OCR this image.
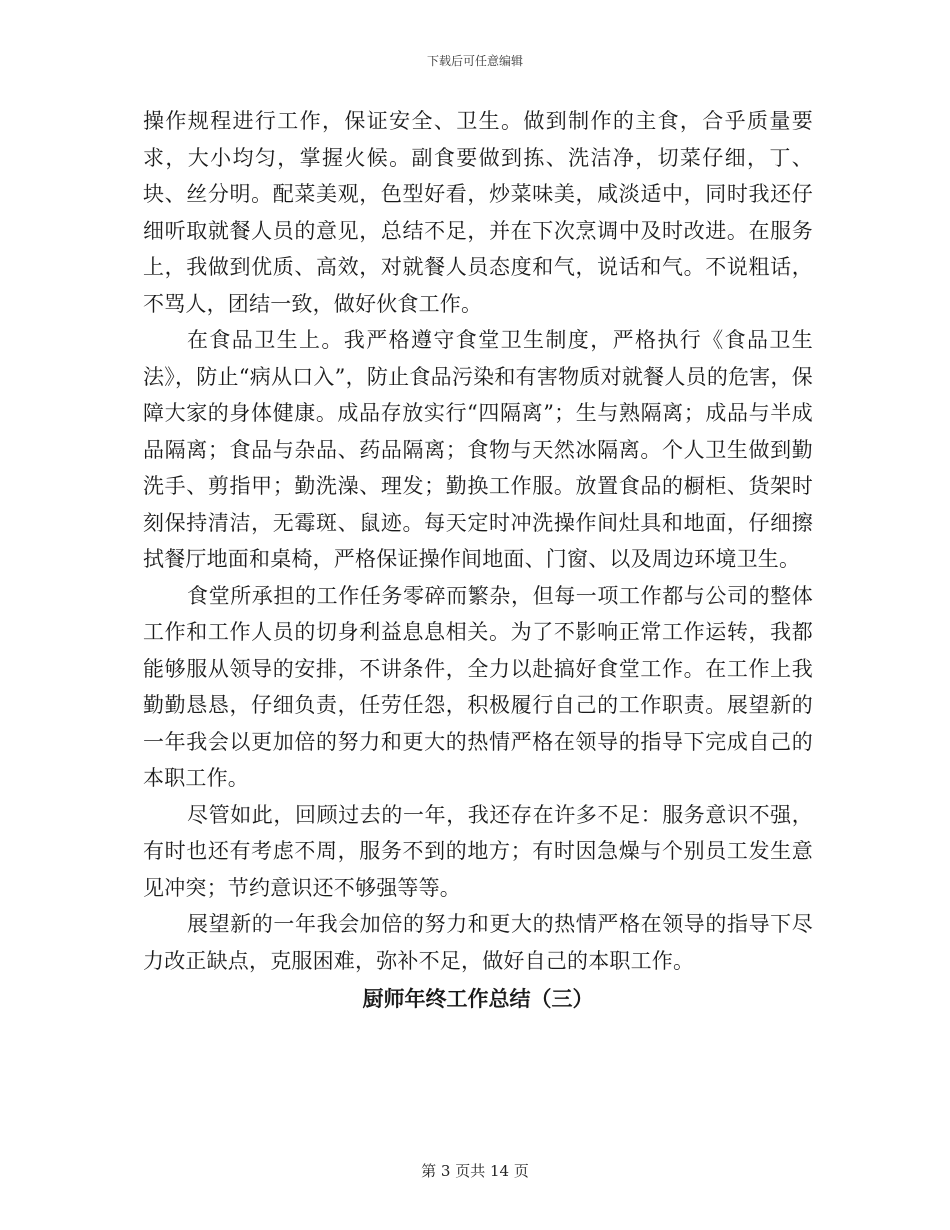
下载后可任意编辑

操作规程进行工作，保证安全、卫生。做到制作的主食，合乎质量要求，大小均匀，掌握火候。副食要做到拣、洗洁净，切菜仔细，丁、块、丝分明。配菜美观，色型好看，炒菜味美，咸淡适中，同时我还仔细听取就餐人员的意见，总结不足，并在下次烹调中及时改进。在服务上，我做到优质、高效，对就餐人员态度和气，说话和气。不说粗话，不骂人，团结一致，做好伙食工作。

在食品卫生上。我严格遵守食堂卫生制度，严格执行《食品卫生法》，防止“病从口入”，防止食品污染和有害物质对就餐人员的危害，保障大家的身体健康。成品存放实行“四隔离”；生与熟隔离；成品与半成品隔离；食品与杂品、药品隔离；食物与天然冰隔离。个人卫生做到勤洗手、剪指甲；勤洗澡、理发；勤换工作服。放置食品的橱柜、货架时刻保持清洁，无霉斑、鼠迹。每天定时冲洗操作间灶具和地面，仔细擦拭餐厅地面和桌椅，严格保证操作间地面、门窗、以及周边环境卫生。

食堂所承担的工作任务零碎而繁杂，但每一项工作都与公司的整体工作和工作人员的切身利益息息相关。为了不影响正常工作运转，我都能够服从领导的安排，不讲条件，全力以赴搞好食堂工作。在工作上我勤勤恳恳，仔细负责，任劳任怨，积极履行自己的工作职责。展望新的一年我会以更加倍的努力和更大的热情严格在领导的指导下完成自己的本职工作。

尽管如此，回顾过去的一年，我还存在许多不足：服务意识不强，有时也还有考虑不周，服务不到的地方；有时因急燥与个别员工发生意见冲突；节约意识还不够强等等。

展望新的一年我会加倍的努力和更大的热情严格在领导的指导下尽力改正缺点，克服困难，弥补不足，做好自己的本职工作。

厨师年终工作总结（三）
第 3 页共 14 页
